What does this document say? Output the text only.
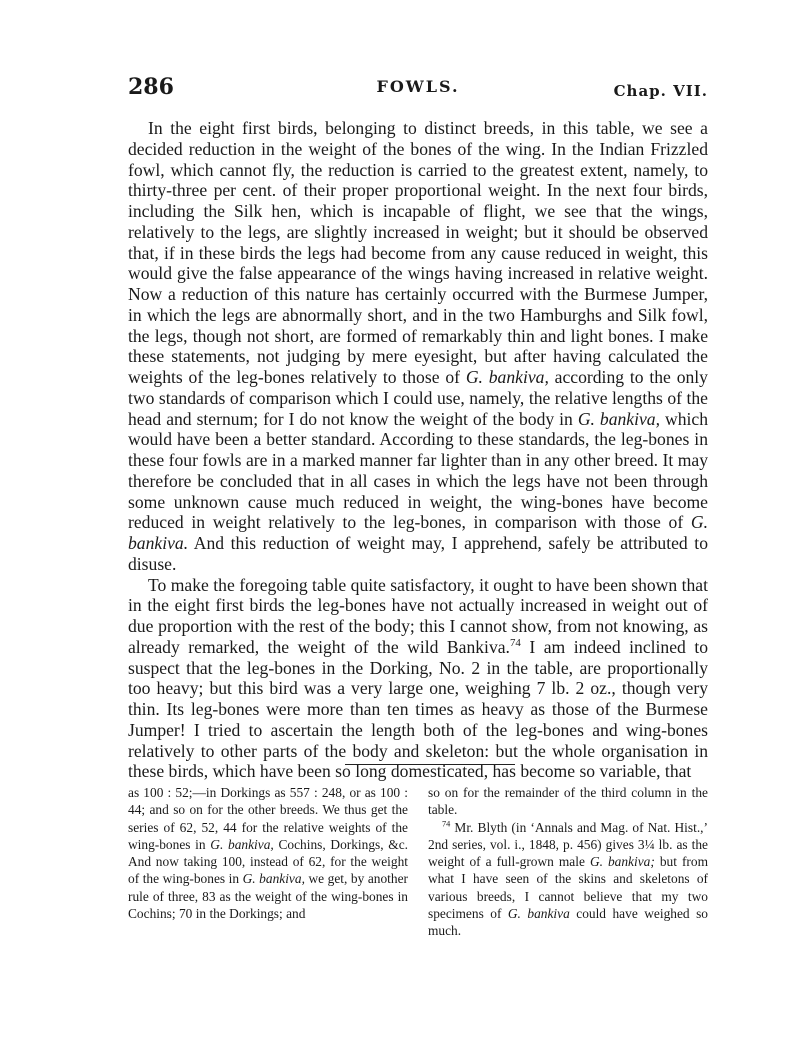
286	FOWLS.	Chap. VII.

In the eight first birds, belonging to distinct breeds, in this table, we see a decided reduction in the weight of the bones of the wing. In the Indian Frizzled fowl, which cannot fly, the reduction is carried to the greatest extent, namely, to thirty-three per cent. of their proper proportional weight. In the next four birds, including the Silk hen, which is incapable of flight, we see that the wings, relatively to the legs, are slightly increased in weight; but it should be observed that, if in these birds the legs had become from any cause reduced in weight, this would give the false appearance of the wings having increased in relative weight. Now a reduction of this nature has certainly occurred with the Burmese Jumper, in which the legs are abnormally short, and in the two Hamburghs and Silk fowl, the legs, though not short, are formed of remarkably thin and light bones. I make these statements, not judging by mere eyesight, but after having calculated the weights of the leg-bones relatively to those of G. bankiva, according to the only two standards of comparison which I could use, namely, the relative lengths of the head and sternum; for I do not know the weight of the body in G. bankiva, which would have been a better standard. According to these standards, the leg-bones in these four fowls are in a marked manner far lighter than in any other breed. It may therefore be concluded that in all cases in which the legs have not been through some unknown cause much reduced in weight, the wing-bones have become reduced in weight relatively to the leg-bones, in comparison with those of G. bankiva. And this reduction of weight may, I apprehend, safely be attributed to disuse.

To make the foregoing table quite satisfactory, it ought to have been shown that in the eight first birds the leg-bones have not actually increased in weight out of due proportion with the rest of the body; this I cannot show, from not knowing, as already remarked, the weight of the wild Bankiva.$^{74}$ I am indeed inclined to suspect that the leg-bones in the Dorking, No. 2 in the table, are proportionally too heavy; but this bird was a very large one, weighing 7 lb. 2 oz., though very thin. Its leg-bones were more than ten times as heavy as those of the Burmese Jumper! I tried to ascertain the length both of the leg-bones and wing-bones relatively to other parts of the body and skeleton: but the whole organisation in these birds, which have been so long domesticated, has become so variable, that

as 100 : 52;—in Dorkings as 557 : 248, or as 100 : 44; and so on for the other breeds. We thus get the series of 62, 52, 44 for the relative weights of the wing-bones in G. bankiva, Cochins, Dorkings, &c. And now taking 100, instead of 62, for the weight of the wing-bones in G. bankiva, we get, by another rule of three, 83 as the weight of the wing-bones in Cochins; 70 in the Dorkings; and

so on for the remainder of the third column in the table.

$^{74}$ Mr. Blyth (in ‘Annals and Mag. of Nat. Hist.,’ 2nd series, vol. i., 1848, p. 456) gives 3¼ lb. as the weight of a full-grown male G. bankiva; but from what I have seen of the skins and skeletons of various breeds, I cannot believe that my two specimens of G. bankiva could have weighed so much.
